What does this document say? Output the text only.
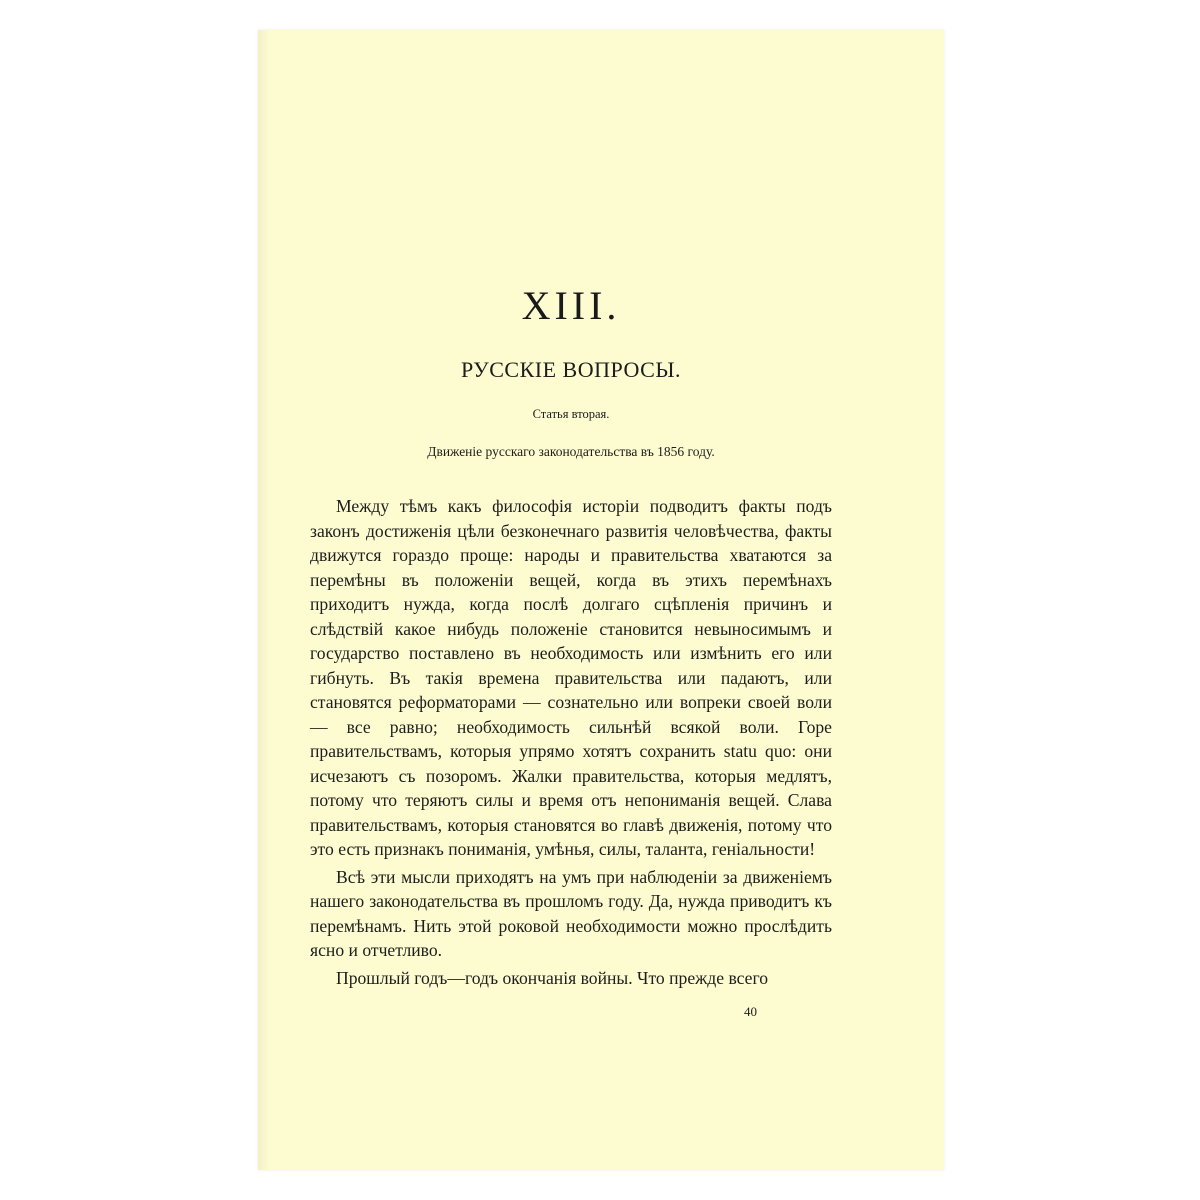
XIII.
РУССКІЕ ВОПРОСЫ.
Статья вторая.
Движеніе русскаго законодательства въ 1856 году.

Между тѣмъ какъ философія исторіи подводитъ факты подъ законъ достиженія цѣли безконечнаго развитія человѣчества, факты движутся гораздо проще: народы и правительства хватаются за перемѣны въ положеніи вещей, когда въ этихъ перемѣнахъ приходитъ нужда, когда послѣ долгаго сцѣпленія причинъ и слѣдствій какое нибудь положеніе становится невыносимымъ и государство поставлено въ необходимость или измѣнить его или гибнуть. Въ такія времена правительства или падаютъ, или становятся реформаторами — сознательно или вопреки своей воли — все равно; необходимость сильнѣй всякой воли. Горе правительствамъ, которыя упрямо хотятъ сохранить statu quo: они исчезаютъ съ позоромъ. Жалки правительства, которыя медлятъ, потому что теряютъ силы и время отъ непониманія вещей. Слава правительствамъ, которыя становятся во главѣ движенія, потому что это есть признакъ пониманія, умѣнья, силы, таланта, геніальности!

Всѣ эти мысли приходятъ на умъ при наблюденіи за движеніемъ нашего законодательства въ прошломъ году. Да, нужда приводитъ къ перемѣнамъ. Нить этой роковой необходимости можно прослѣдить ясно и отчетливо.

Прошлый годъ—годъ окончанія войны. Что прежде всего

40
